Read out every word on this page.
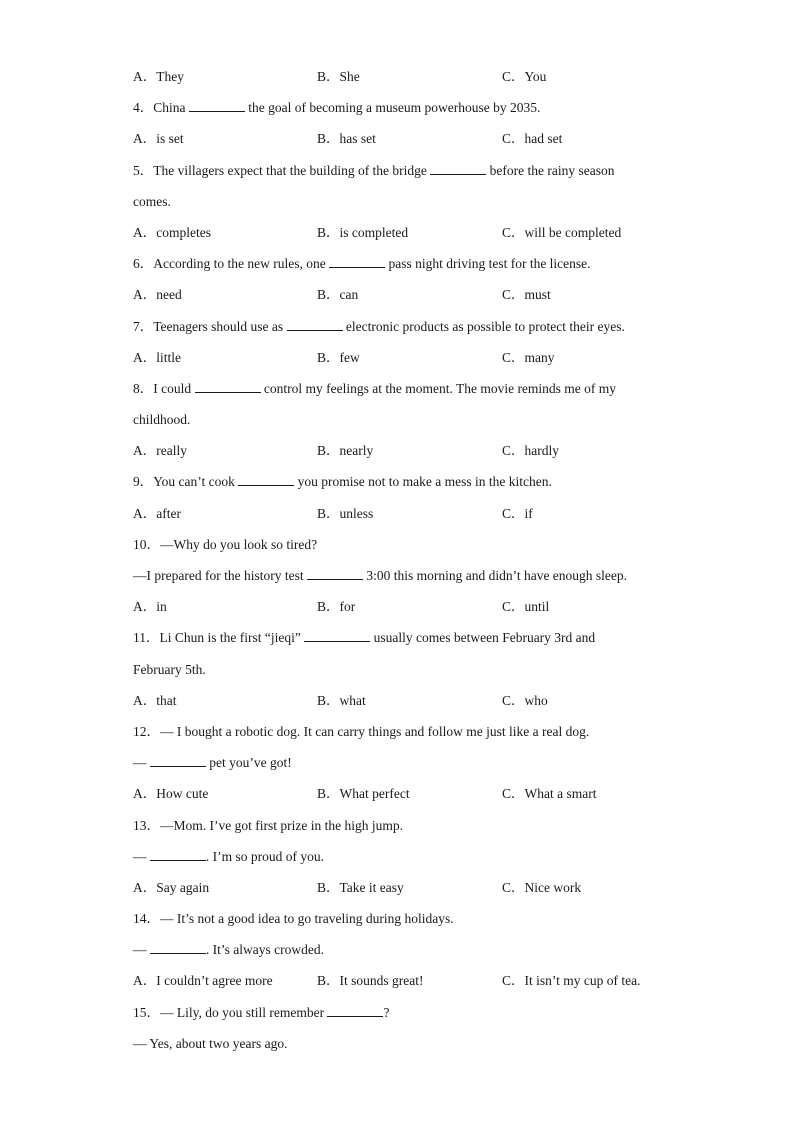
A．They	B．She	C．You
4．China	the goal of becoming a museum powerhouse by 2035.
A．is set	B．has set	C．had set
5．The villagers expect that the building of the bridge	before the rainy season
comes.
A．completes	B．is completed	C．will be completed
6．According to the new rules, one	pass night driving test for the license.
A．need	B．can	C．must
7．Teenagers should use as	electronic products as possible to protect their eyes.
A．little	B．few	C．many
8．I could	control my feelings at the moment. The movie reminds me of my
childhood.
A．really	B．nearly	C．hardly
9．You can’t cook	you promise not to make a mess in the kitchen.
A．after	B．unless	C．if
10．—Why do you look so tired?
—I prepared for the history test	3:00 this morning and didn’t have enough sleep.
A．in	B．for	C．until
11．Li Chun is the first “jieqi”	usually comes between February 3rd and
February 5th.
A．that	B．what	C．who
12．— I bought a robotic dog. It can carry things and follow me just like a real dog.
—	pet you’ve got!
A．How cute	B．What perfect	C．What a smart
13．—Mom. I’ve got first prize in the high jump.
—	. I’m so proud of you.
A．Say again	B．Take it easy	C．Nice work
14．— It’s not a good idea to go traveling during holidays.
—	. It’s always crowded.
A．I couldn’t agree more	B．It sounds great!	C．It isn’t my cup of tea.
15．— Lily, do you still remember	?
— Yes, about two years ago.
